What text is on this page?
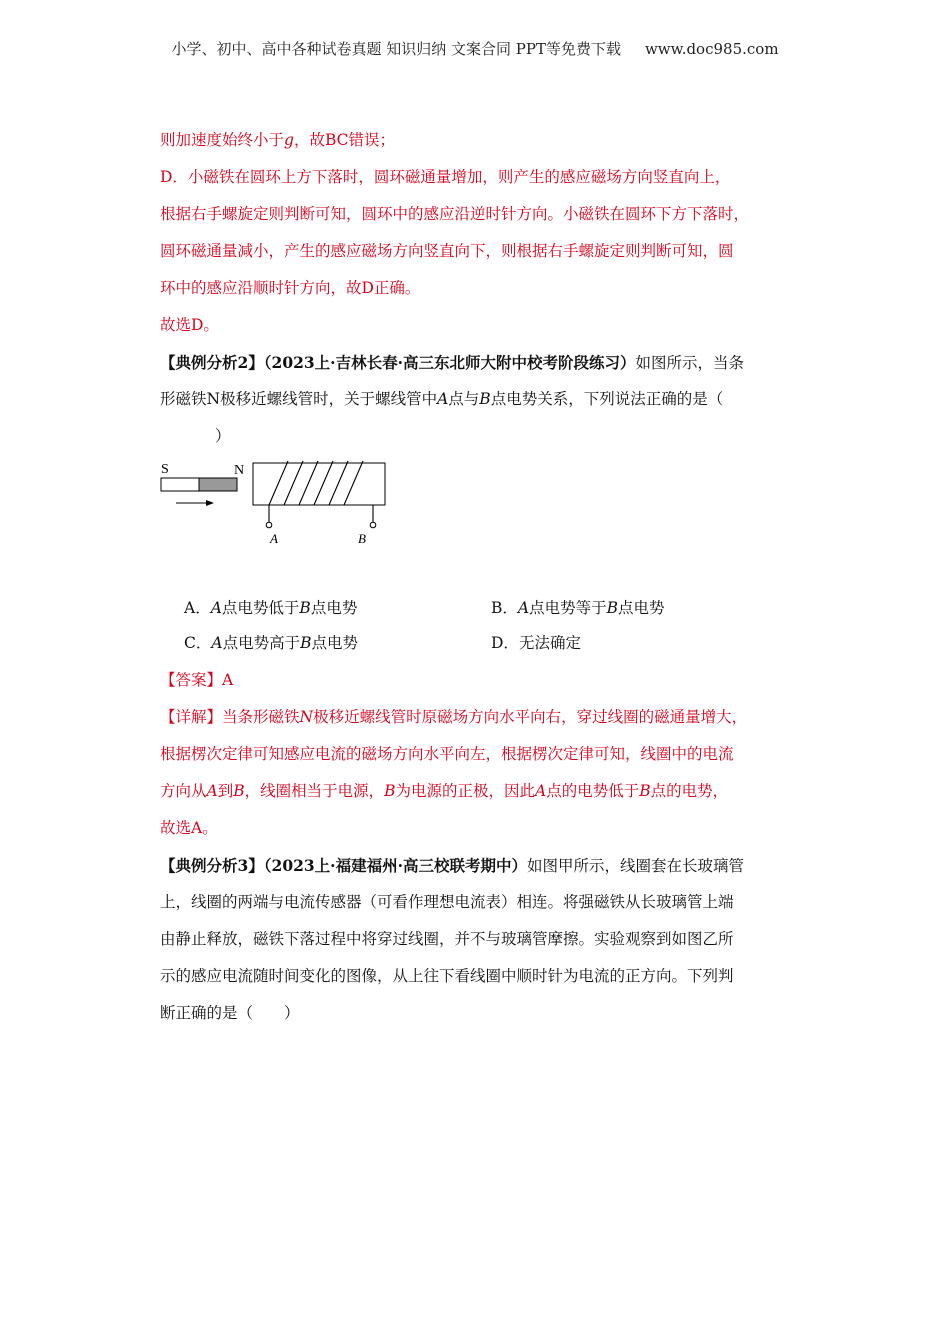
小学、初中、高中各种试卷真题 知识归纳 文案合同 PPT等免费下载 www.doc985.com
则加速度始终小于g，故BC错误；
D．小磁铁在圆环上方下落时，圆环磁通量增加，则产生的感应磁场方向竖直向上，
根据右手螺旋定则判断可知，圆环中的感应沿逆时针方向。小磁铁在圆环下方下落时，
圆环磁通量减小，产生的感应磁场方向竖直向下，则根据右手螺旋定则判断可知，圆
环中的感应沿顺时针方向，故D正确。
故选D。
【典例分析2】（2023上·吉林长春·高三东北师大附中校考阶段练习）如图所示，当条
形磁铁N极移近螺线管时，关于螺线管中A点与B点电势关系，下列说法正确的是（
）
S	N
A	B
A．A点电势低于B点电势	B．A点电势等于B点电势
C．A点电势高于B点电势	D．无法确定
【答案】A
【详解】当条形磁铁N极移近螺线管时原磁场方向水平向右，穿过线圈的磁通量增大，
根据楞次定律可知感应电流的磁场方向水平向左，根据楞次定律可知，线圈中的电流
方向从A到B，线圈相当于电源，B为电源的正极，因此A点的电势低于B点的电势，
故选A。
【典例分析3】（2023上·福建福州·高三校联考期中）如图甲所示，线圈套在长玻璃管
上，线圈的两端与电流传感器（可看作理想电流表）相连。将强磁铁从长玻璃管上端
由静止释放，磁铁下落过程中将穿过线圈，并不与玻璃管摩擦。实验观察到如图乙所
示的感应电流随时间变化的图像，从上往下看线圈中顺时针为电流的正方向。下列判
断正确的是（　　）
